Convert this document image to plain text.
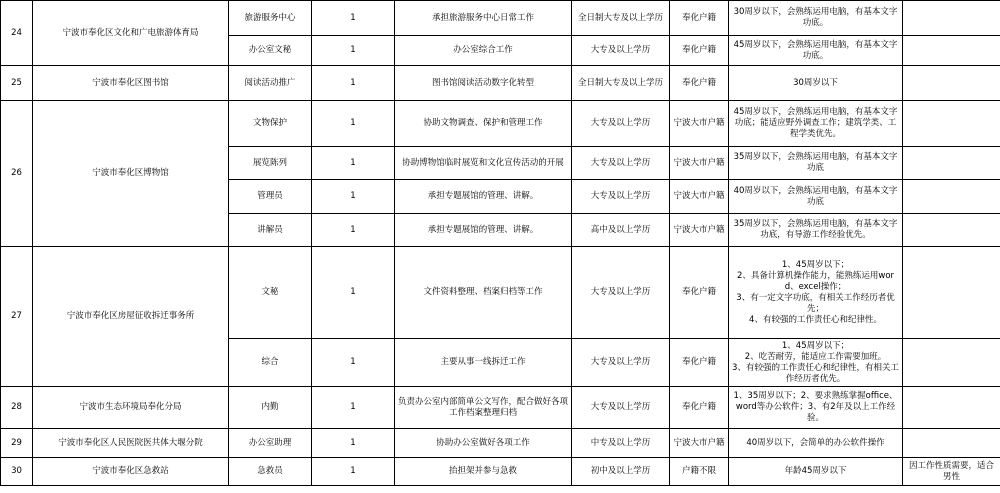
24	宁波市奉化区文化和广电旅游体育局	旅游服务中心	1	承担旅游服务中心日常工作	全日制大专及以上学历	奉化户籍	30周岁以下，会熟练运用电脑，有基本文字功底。	
		办公室文秘	1	办公室综合工作	大专及以上学历	奉化户籍	45周岁以下，会熟练运用电脑，有基本文字功底。	
25	宁波市奉化区图书馆	阅读活动推广	1	图书馆阅读活动数字化转型	全日制大专及以上学历	奉化户籍	30周岁以下	
26	宁波市奉化区博物馆	文物保护	1	协助文物调查、保护和管理工作	大专及以上学历	宁波大市户籍	45周岁以下，会熟练运用电脑，有基本文字功底；能适应野外调查工作；建筑学类、工程学类优先。	
		展览陈列	1	协助博物馆临时展览和文化宣传活动的开展	大专及以上学历	宁波大市户籍	35周岁以下，会熟练运用电脑，有基本文字功底	
		管理员	1	承担专题展馆的管理、讲解。	大专及以上学历	宁波大市户籍	40周岁以下，会熟练运用电脑，有基本文字功底	
		讲解员	1	承担专题展馆的管理、讲解。	高中及以上学历	宁波大市户籍	35周岁以下，会熟练运用电脑，有基本文字功底，有导游工作经验优先。	
27	宁波市奉化区房屋征收拆迁事务所	文秘	1	文件资料整理、档案归档等工作	大专及以上学历	奉化户籍	1、45周岁以下；
2、具备计算机操作能力，能熟练运用word、excel操作；
3、有一定文字功底，有相关工作经历者优先；
4、有较强的工作责任心和纪律性。	

		综合	1	主要从事一线拆迁工作	大专及以上学历	奉化户籍	1、45周岁以下；
2、吃苦耐劳，能适应工作需要加班。
3、有较强的工作责任心和纪律性，有相关工作经历者优先。	

28	宁波市生态环境局奉化分局	内勤	1	负责办公室内部简单公文写作，配合做好各项工作档案整理归档	大专及以上学历	奉化户籍	1、35周岁以下；2、要求熟练掌握office、word等办公软件；3、有2年及以上工作经验。	
29	宁波市奉化区人民医院医共体大堰分院	办公室助理	1	协助办公室做好各项工作	中专及以上学历	宁波大市户籍	40周岁以下，会简单的办公软件操作	
30	宁波市奉化区急救站	急救员	1	抬担架并参与急救	初中及以上学历	户籍不限	年龄45周岁以下	因工作性质需要，适合男性
